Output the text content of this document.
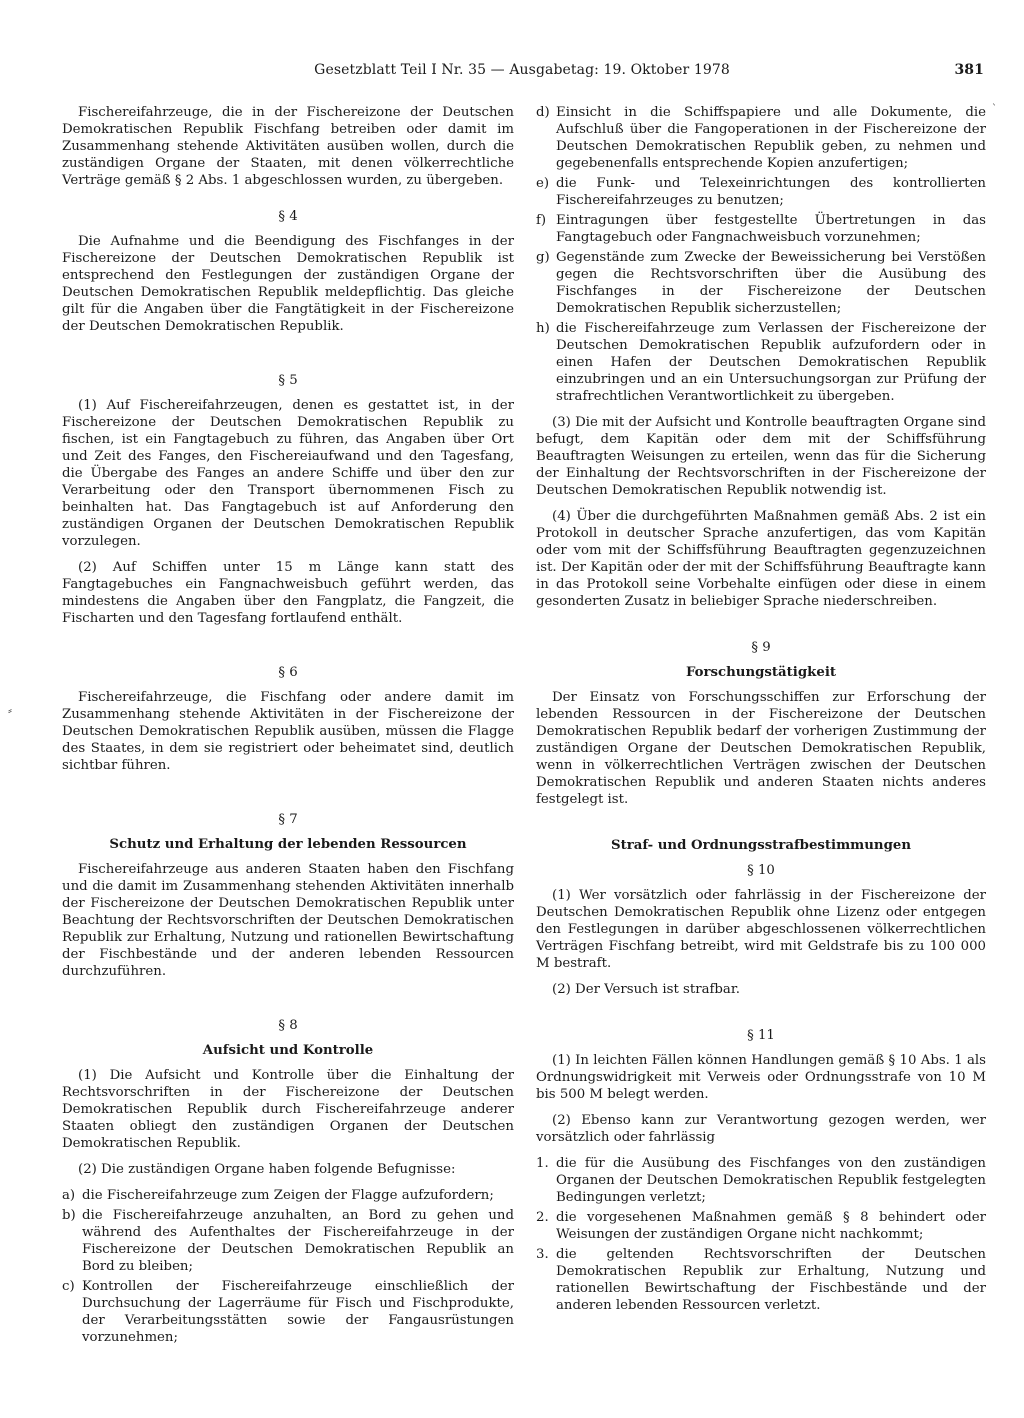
Gesetzblatt Teil I Nr. 35 — Ausgabetag: 19. Oktober 1978	381
⸗
ˋ

Fischereifahrzeuge, die in der Fischereizone der Deutschen Demokratischen Republik Fischfang betreiben oder damit im Zusammenhang stehende Aktivitäten ausüben wollen, durch die zuständigen Organe der Staaten, mit denen völkerrechtliche Verträge gemäß § 2 Abs. 1 abgeschlossen wurden, zu übergeben.

§ 4

Die Aufnahme und die Beendigung des Fischfanges in der Fischereizone der Deutschen Demokratischen Republik ist entsprechend den Festlegungen der zuständigen Organe der Deutschen Demokratischen Republik meldepflichtig. Das gleiche gilt für die Angaben über die Fangtätigkeit in der Fischereizone der Deutschen Demokratischen Republik.

§ 5

(1) Auf Fischereifahrzeugen, denen es gestattet ist, in der Fischereizone der Deutschen Demokratischen Republik zu fischen, ist ein Fangtagebuch zu führen, das Angaben über Ort und Zeit des Fanges, den Fischereiaufwand und den Tagesfang, die Übergabe des Fanges an andere Schiffe und über den zur Verarbeitung oder den Transport übernommenen Fisch zu beinhalten hat. Das Fangtagebuch ist auf Anforderung den zuständigen Organen der Deutschen Demokratischen Republik vorzulegen.

(2) Auf Schiffen unter 15 m Länge kann statt des Fangtagebuches ein Fangnachweisbuch geführt werden, das mindestens die Angaben über den Fangplatz, die Fangzeit, die Fischarten und den Tagesfang fortlaufend enthält.

§ 6

Fischereifahrzeuge, die Fischfang oder andere damit im Zusammenhang stehende Aktivitäten in der Fischereizone der Deutschen Demokratischen Republik ausüben, müssen die Flagge des Staates, in dem sie registriert oder beheimatet sind, deutlich sichtbar führen.

§ 7
Schutz und Erhaltung der lebenden Ressourcen

Fischereifahrzeuge aus anderen Staaten haben den Fischfang und die damit im Zusammenhang stehenden Aktivitäten innerhalb der Fischereizone der Deutschen Demokratischen Republik unter Beachtung der Rechtsvorschriften der Deutschen Demokratischen Republik zur Erhaltung, Nutzung und rationellen Bewirtschaftung der Fischbestände und der anderen lebenden Ressourcen durchzuführen.

§ 8
Aufsicht und Kontrolle

(1) Die Aufsicht und Kontrolle über die Einhaltung der Rechtsvorschriften in der Fischereizone der Deutschen Demokratischen Republik durch Fischereifahrzeuge anderer Staaten obliegt den zuständigen Organen der Deutschen Demokratischen Republik.

(2) Die zuständigen Organe haben folgende Befugnisse:

a) die Fischereifahrzeuge zum Zeigen der Flagge aufzufordern;
b) die Fischereifahrzeuge anzuhalten, an Bord zu gehen und während des Aufenthaltes der Fischereifahrzeuge in der Fischereizone der Deutschen Demokratischen Republik an Bord zu bleiben;
c) Kontrollen der Fischereifahrzeuge einschließlich der Durchsuchung der Lagerräume für Fisch und Fischprodukte, der Verarbeitungsstätten sowie der Fangausrüstungen vorzunehmen;
d) Einsicht in die Schiffspapiere und alle Dokumente, die Aufschluß über die Fangoperationen in der Fischereizone der Deutschen Demokratischen Republik geben, zu nehmen und gegebenenfalls entsprechende Kopien anzufertigen;
e) die Funk- und Telexeinrichtungen des kontrollierten Fischereifahrzeuges zu benutzen;
f) Eintragungen über festgestellte Übertretungen in das Fangtagebuch oder Fangnachweisbuch vorzunehmen;
g) Gegenstände zum Zwecke der Beweissicherung bei Verstößen gegen die Rechtsvorschriften über die Ausübung des Fischfanges in der Fischereizone der Deutschen Demokratischen Republik sicherzustellen;
h) die Fischereifahrzeuge zum Verlassen der Fischereizone der Deutschen Demokratischen Republik aufzufordern oder in einen Hafen der Deutschen Demokratischen Republik einzubringen und an ein Untersuchungsorgan zur Prüfung der strafrechtlichen Verantwortlichkeit zu übergeben.

(3) Die mit der Aufsicht und Kontrolle beauftragten Organe sind befugt, dem Kapitän oder dem mit der Schiffsführung Beauftragten Weisungen zu erteilen, wenn das für die Sicherung der Einhaltung der Rechtsvorschriften in der Fischereizone der Deutschen Demokratischen Republik notwendig ist.

(4) Über die durchgeführten Maßnahmen gemäß Abs. 2 ist ein Protokoll in deutscher Sprache anzufertigen, das vom Kapitän oder vom mit der Schiffsführung Beauftragten gegenzuzeichnen ist. Der Kapitän oder der mit der Schiffsführung Beauftragte kann in das Protokoll seine Vorbehalte einfügen oder diese in einem gesonderten Zusatz in beliebiger Sprache niederschreiben.

§ 9
Forschungstätigkeit

Der Einsatz von Forschungsschiffen zur Erforschung der lebenden Ressourcen in der Fischereizone der Deutschen Demokratischen Republik bedarf der vorherigen Zustimmung der zuständigen Organe der Deutschen Demokratischen Republik, wenn in völkerrechtlichen Verträgen zwischen der Deutschen Demokratischen Republik und anderen Staaten nichts anderes festgelegt ist.

Straf- und Ordnungsstrafbestimmungen
§ 10

(1) Wer vorsätzlich oder fahrlässig in der Fischereizone der Deutschen Demokratischen Republik ohne Lizenz oder entgegen den Festlegungen in darüber abgeschlossenen völkerrechtlichen Verträgen Fischfang betreibt, wird mit Geldstrafe bis zu 100 000 M bestraft.

(2) Der Versuch ist strafbar.

§ 11

(1) In leichten Fällen können Handlungen gemäß § 10 Abs. 1 als Ordnungswidrigkeit mit Verweis oder Ordnungsstrafe von 10 M bis 500 M belegt werden.

(2) Ebenso kann zur Verantwortung gezogen werden, wer vorsätzlich oder fahrlässig

1. die für die Ausübung des Fischfanges von den zuständigen Organen der Deutschen Demokratischen Republik festgelegten Bedingungen verletzt;
2. die vorgesehenen Maßnahmen gemäß § 8 behindert oder Weisungen der zuständigen Organe nicht nachkommt;
3. die geltenden Rechtsvorschriften der Deutschen Demokratischen Republik zur Erhaltung, Nutzung und rationellen Bewirtschaftung der Fischbestände und der anderen lebenden Ressourcen verletzt.
